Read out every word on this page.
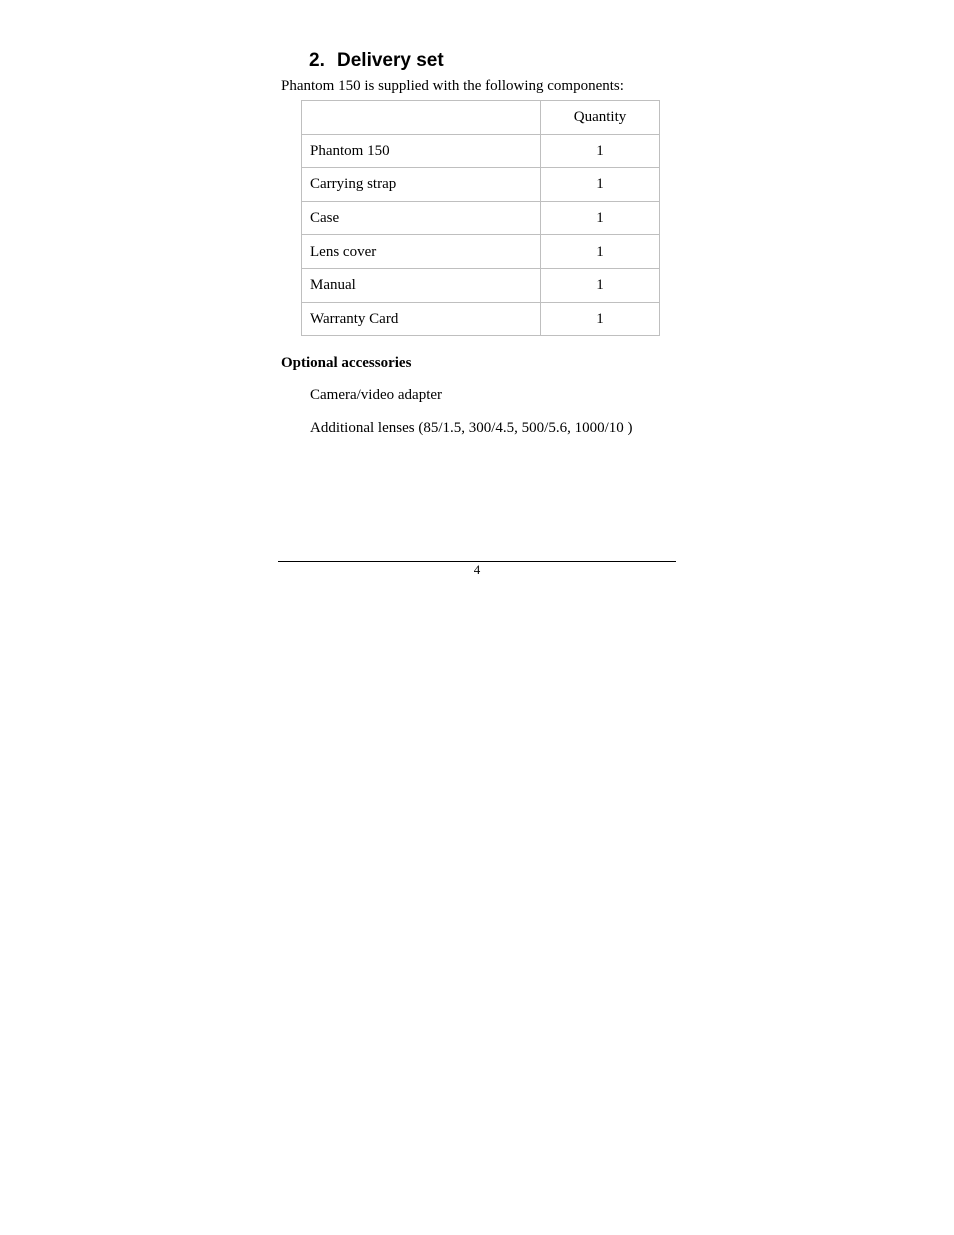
2. Delivery set
Phantom 150 is supplied with the following components:
	Quantity
Phantom 150	1
Carrying strap	1
Case	1
Lens cover	1
Manual	1
Warranty Card	1
Optional accessories
Camera/video adapter
Additional lenses (85/1.5, 300/4.5, 500/5.6, 1000/10 )
4
